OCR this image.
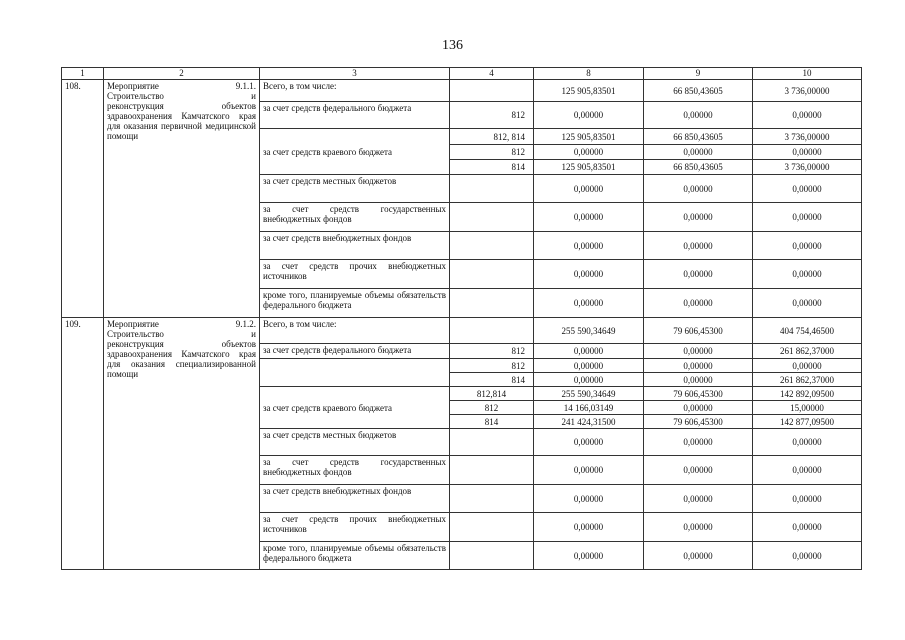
136
1	2	3	4	8	9	10
108.	Мероприятие 9.1.1.
Строительство и
реконструкция объектов здравоохранения Камчатского края для оказания первичной медицинской помощи	Всего, в том числе:		125 905,83501	66 850,43605	3 736,00000
		за счет средств федерального бюджета	812	0,00000	0,00000	0,00000
		за счет средств краевого бюджета	812, 814	125 905,83501	66 850,43605	3 736,00000
			812	0,00000	0,00000	0,00000
			814	125 905,83501	66 850,43605	3 736,00000
		за счет средств местных бюджетов		0,00000	0,00000	0,00000
		за счет средств государственных внебюджетных фондов		0,00000	0,00000	0,00000
		за счет средств внебюджетных фондов		0,00000	0,00000	0,00000
		за счет средств прочих внебюджетных источников		0,00000	0,00000	0,00000
		кроме того, планируемые объемы обязательств федерального бюджета		0,00000	0,00000	0,00000
109.	Мероприятие 9.1.2.
Строительство и
реконструкция объектов здравоохранения Камчатского края для оказания специализированной помощи	Всего, в том числе:		255 590,34649	79 606,45300	404 754,46500
		за счет средств федерального бюджета	812	0,00000	0,00000	261 862,37000
			812	0,00000	0,00000	0,00000
			814	0,00000	0,00000	261 862,37000
		за счет средств краевого бюджета	812,814	255 590,34649	79 606,45300	142 892,09500
			812	14 166,03149	0,00000	15,00000
			814	241 424,31500	79 606,45300	142 877,09500
		за счет средств местных бюджетов		0,00000	0,00000	0,00000
		за счет средств государственных внебюджетных фондов		0,00000	0,00000	0,00000
		за счет средств внебюджетных фондов		0,00000	0,00000	0,00000
		за счет средств прочих внебюджетных источников		0,00000	0,00000	0,00000
		кроме того, планируемые объемы обязательств федерального бюджета		0,00000	0,00000	0,00000
